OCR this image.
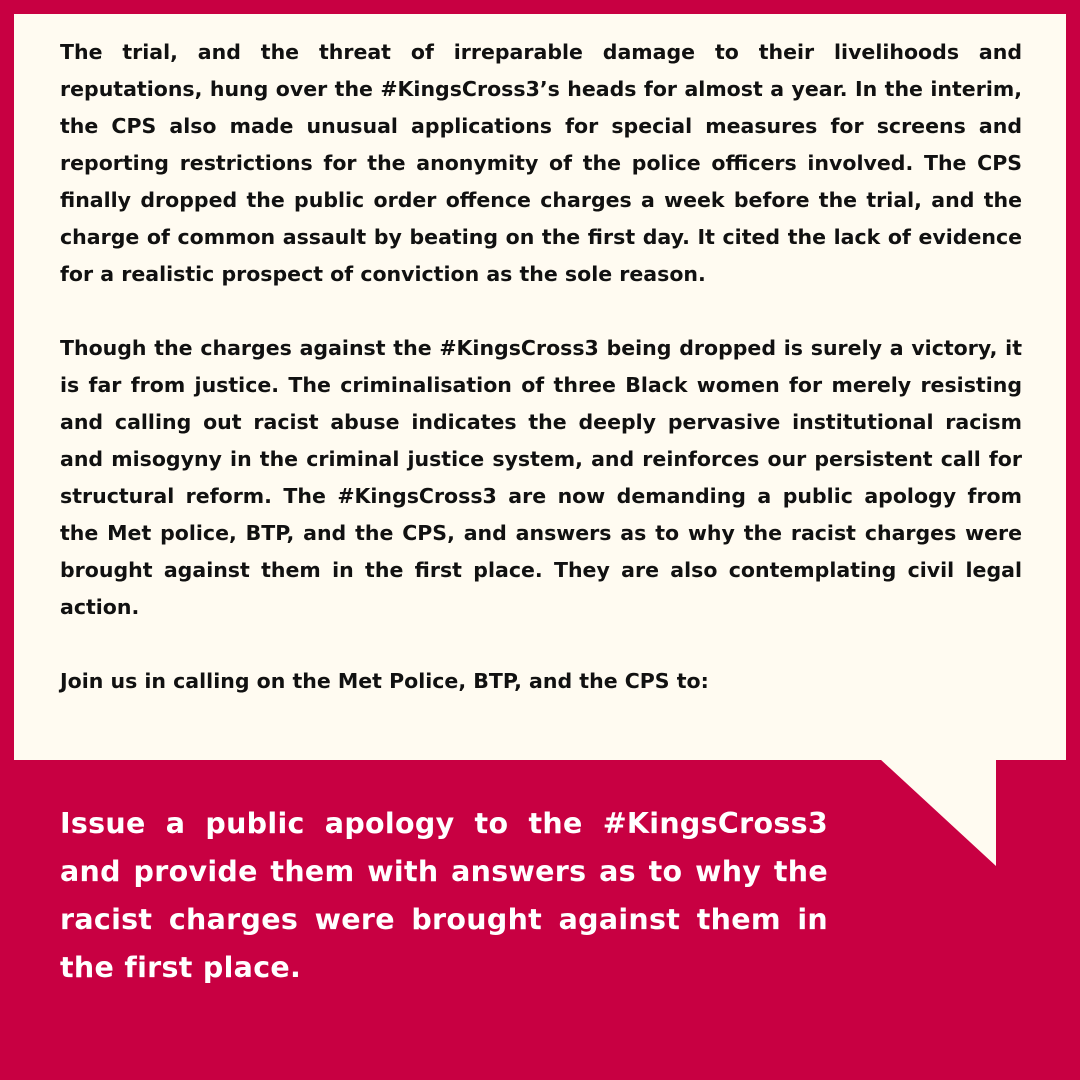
The trial, and the threat of irreparable damage to their livelihoods and reputations, hung over the #KingsCross3’s heads for almost a year. In the interim, the CPS also made unusual applications for special measures for screens and reporting restrictions for the anonymity of the police officers involved. The CPS finally dropped the public order offence charges a week before the trial, and the charge of common assault by beating on the first day. It cited the lack of evidence for a realistic prospect of conviction as the sole reason.

Though the charges against the #KingsCross3 being dropped is surely a victory, it is far from justice. The criminalisation of three Black women for merely resisting and calling out racist abuse indicates the deeply pervasive institutional racism and misogyny in the criminal justice system, and reinforces our persistent call for structural reform. The #KingsCross3 are now demanding a public apology from the Met police, BTP, and the CPS, and answers as to why the racist charges were brought against them in the first place. They are also contemplating civil legal action.

Join us in calling on the Met Police, BTP, and the CPS to:

Issue a public apology to the #KingsCross3 and provide them with answers as to why the racist charges were brought against them in the first place.
